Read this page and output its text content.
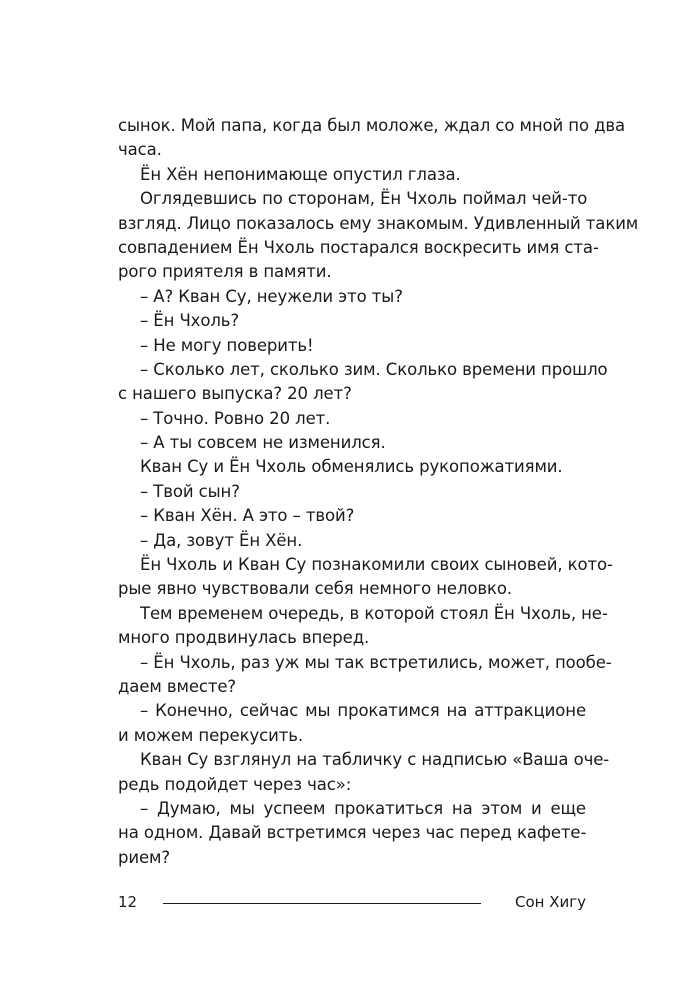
сынок. Мой папа, когда был моложе, ждал со мной по два
часа.
Ён Хён непонимающе опустил глаза.
Оглядевшись по сторонам, Ён Чхоль поймал чей-то
взгляд. Лицо показалось ему знакомым. Удивленный таким
совпадением Ён Чхоль постарался воскресить имя ста-
рого приятеля в памяти.
– А? Кван Су, неужели это ты?
– Ён Чхоль?
– Не могу поверить!
– Сколько лет, сколько зим. Сколько времени прошло
с нашего выпуска? 20 лет?
– Точно. Ровно 20 лет.
– А ты совсем не изменился.
Кван Су и Ён Чхоль обменялись рукопожатиями.
– Твой сын?
– Кван Хён. А это – твой?
– Да, зовут Ён Хён.
Ён Чхоль и Кван Су познакомили своих сыновей, кото-
рые явно чувствовали себя немного неловко.
Тем временем очередь, в которой стоял Ён Чхоль, не-
много продвинулась вперед.
– Ён Чхоль, раз уж мы так встретились, может, пообе-
даем вместе?
– Конечно, сейчас мы прокатимся на аттракционе
и можем перекусить.
Кван Су взглянул на табличку с надписью «Ваша оче-
редь подойдет через час»:
– Думаю, мы успеем прокатиться на этом и еще
на одном. Давай встретимся через час перед кафете-
рием?
12	Сон Хигу
